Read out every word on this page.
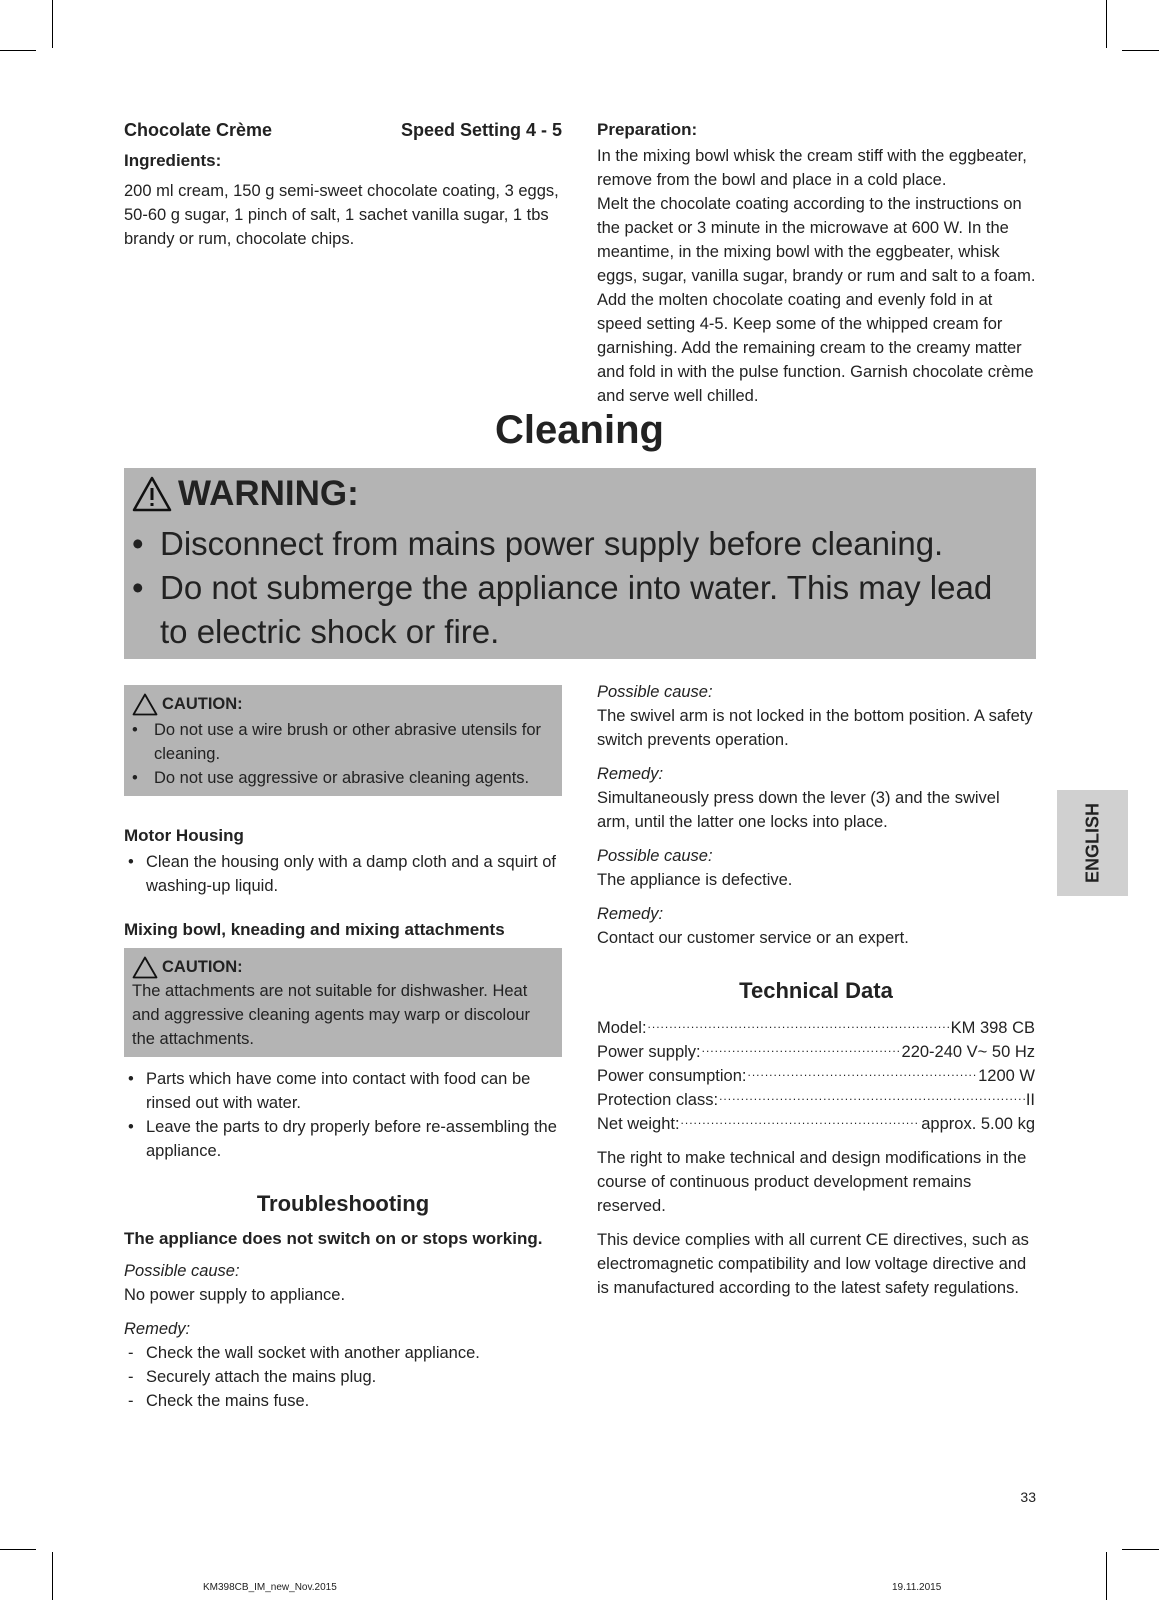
Chocolate Crème	Speed Setting 4 - 5
Ingredients:

200 ml cream, 150 g semi-sweet chocolate coating, 3 eggs, 50-60 g sugar, 1 pinch of salt, 1 sachet vanilla sugar, 1 tbs brandy or rum, chocolate chips.

Preparation:

In the mixing bowl whisk the cream stiff with the eggbeater, remove from the bowl and place in a cold place.

Melt the chocolate coating according to the instructions on the packet or 3 minute in the microwave at 600 W. In the meantime, in the mixing bowl with the eggbeater, whisk eggs, sugar, vanilla sugar, brandy or rum and salt to a foam. Add the molten chocolate coating and evenly fold in at speed setting 4-5. Keep some of the whipped cream for garnishing. Add the remaining cream to the creamy matter and fold in with the pulse function. Garnish chocolate crème and serve well chilled.

Cleaning
WARNING:
• Disconnect from mains power supply before cleaning.
• Do not submerge the appliance into water. This may lead to electric shock or fire.
CAUTION:
• Do not use a wire brush or other abrasive utensils for cleaning.
• Do not use aggressive or abrasive cleaning agents.
Motor Housing
• Clean the housing only with a damp cloth and a squirt of washing-up liquid.
Mixing bowl, kneading and mixing attachments
CAUTION:

The attachments are not suitable for dishwasher. Heat and aggressive cleaning agents may warp or discolour the attachments.

• Parts which have come into contact with food can be rinsed out with water.
• Leave the parts to dry properly before re-assembling the appliance.
Troubleshooting
The appliance does not switch on or stops working.

Possible cause:

No power supply to appliance.

Remedy:

- Check the wall socket with another appliance.
- Securely attach the mains plug.
- Check the mains fuse.

Possible cause:

The swivel arm is not locked in the bottom position. A safety switch prevents operation.

Remedy:

Simultaneously press down the lever (3) and the swivel arm, until the latter one locks into place.

Possible cause:

The appliance is defective.

Remedy:

Contact our customer service or an expert.

Technical Data
Model: .....	KM 398 CB
Power supply: .....	220-240 V~ 50 Hz
Power consumption: .....	1200 W
Protection class: .....	II
Net weight: .....	approx. 5.00 kg

The right to make technical and design modifications in the course of continuous product development remains reserved.

This device complies with all current CE directives, such as electromagnetic compatibility and low voltage directive and is manufactured according to the latest safety regulations.

ENGLISH
33
KM398CB_IM_new_Nov.2015	19.11.2015
